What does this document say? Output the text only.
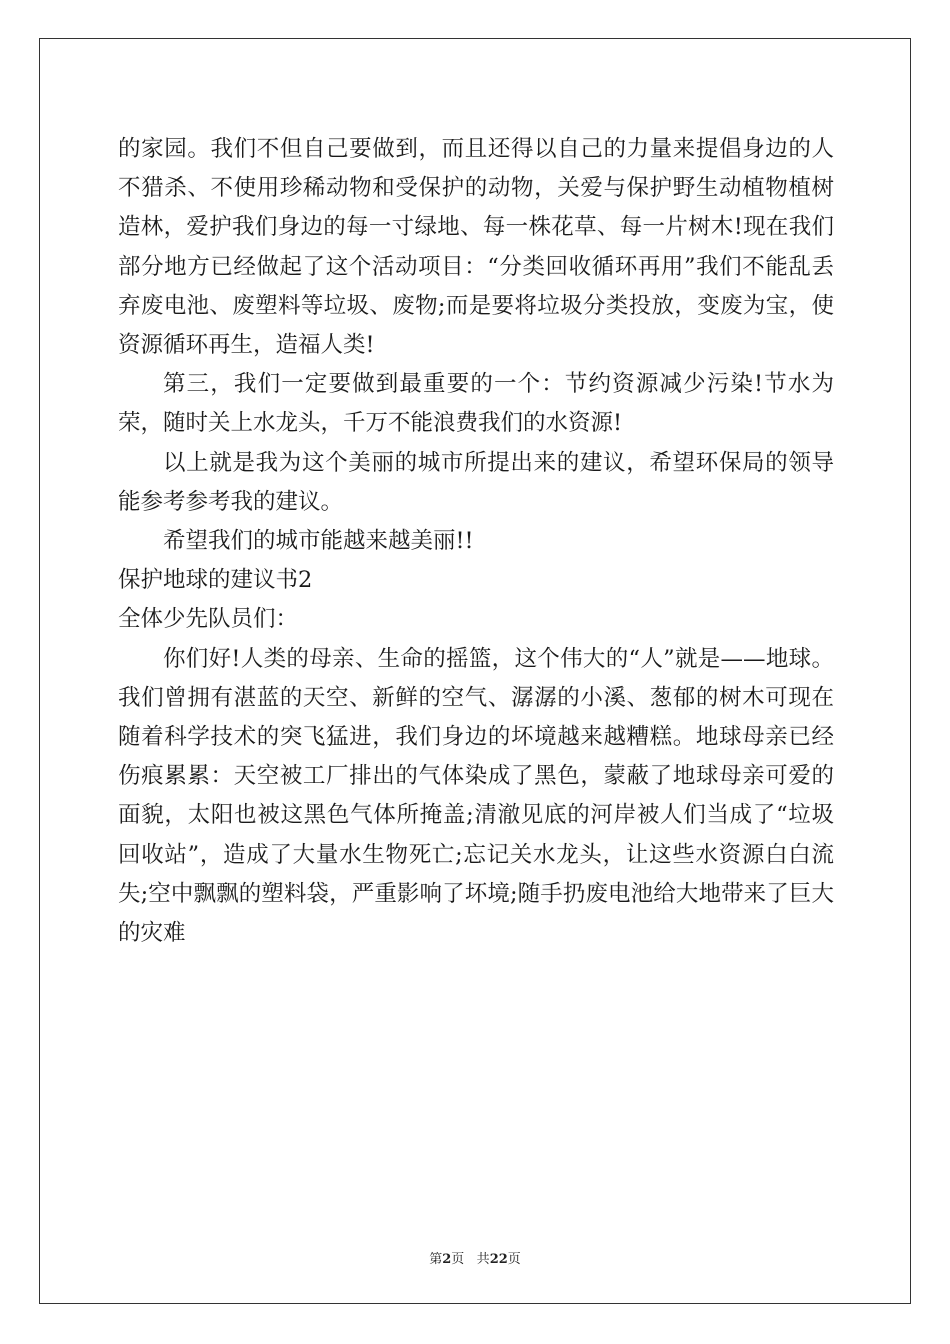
的家园。我们不但自己要做到，而且还得以自己的力量来提倡身边的人不猎杀、不使用珍稀动物和受保护的动物，关爱与保护野生动植物植树造林，爱护我们身边的每一寸绿地、每一株花草、每一片树木!现在我们部分地方已经做起了这个活动项目：“分类回收循环再用”我们不能乱丢弃废电池、废塑料等垃圾、废物;而是要将垃圾分类投放，变废为宝，使资源循环再生，造福人类!

第三，我们一定要做到最重要的一个：节约资源减少污染!节水为荣，随时关上水龙头，千万不能浪费我们的水资源!

以上就是我为这个美丽的城市所提出来的建议，希望环保局的领导能参考参考我的建议。

希望我们的城市能越来越美丽!!

保护地球的建议书2

全体少先队员们：

你们好!人类的母亲、生命的摇篮，这个伟大的“人”就是——地球。 我们曾拥有湛蓝的天空、新鲜的空气、潺潺的小溪、葱郁的树木可现在随着科学技术的突飞猛进，我们身边的坏境越来越糟糕。地球母亲已经伤痕累累：天空被工厂排出的气体染成了黑色，蒙蔽了地球母亲可爱的面貌，太阳也被这黑色气体所掩盖;清澈见底的河岸被人们当成了“垃圾回收站”，造成了大量水生物死亡;忘记关水龙头，让这些水资源白白流失;空中飘飘的塑料袋，严重影响了坏境;随手扔废电池给大地带来了巨大的灾难

第2页 共22页
